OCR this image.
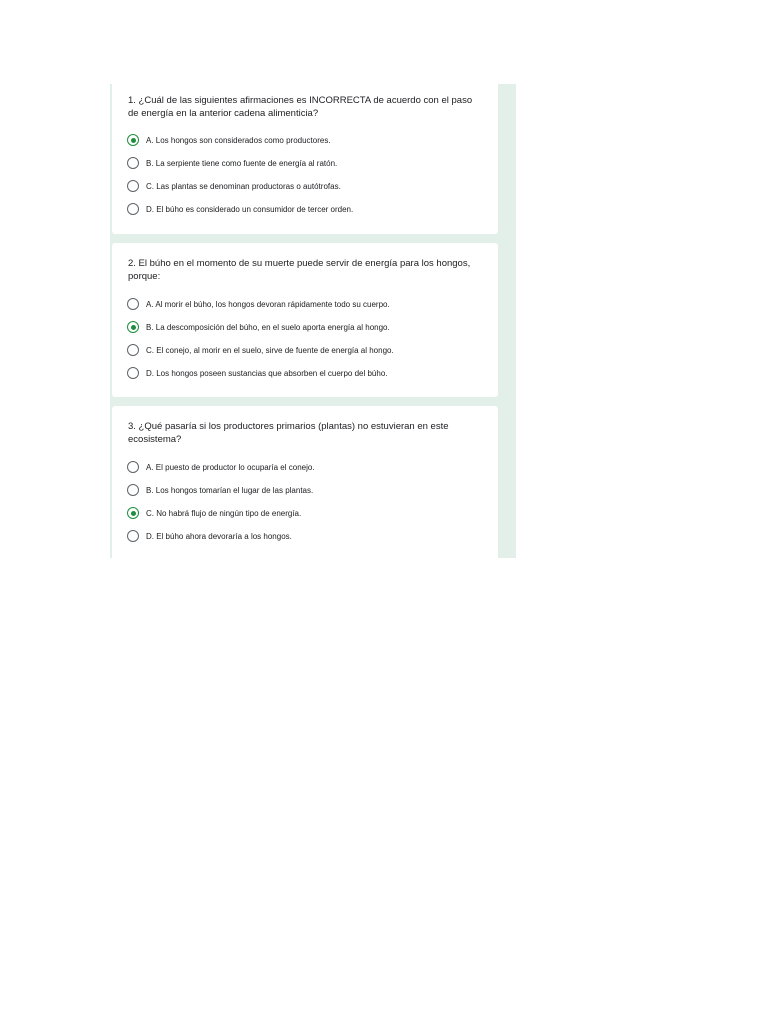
1. ¿Cuál de las siguientes afirmaciones es INCORRECTA de acuerdo con el paso de energía en la anterior cadena alimenticia?
A. Los hongos son considerados como productores.
B. La serpiente tiene como fuente de energía al ratón.
C. Las plantas se denominan productoras o autótrofas.
D. El búho es considerado un consumidor de tercer orden.
2. El búho en el momento de su muerte puede servir de energía para los hongos, porque:
A. Al morir el búho, los hongos devoran rápidamente todo su cuerpo.
B. La descomposición del búho, en el suelo aporta energía al hongo.
C. El conejo, al morir en el suelo, sirve de fuente de energía al hongo.
D. Los hongos poseen sustancias que absorben el cuerpo del búho.
3. ¿Qué pasaría si los productores primarios (plantas) no estuvieran en este ecosistema?
A. El puesto de productor lo ocuparía el conejo.
B. Los hongos tomarían el lugar de las plantas.
C. No habrá flujo de ningún tipo de energía.
D. El búho ahora devoraría a los hongos.
